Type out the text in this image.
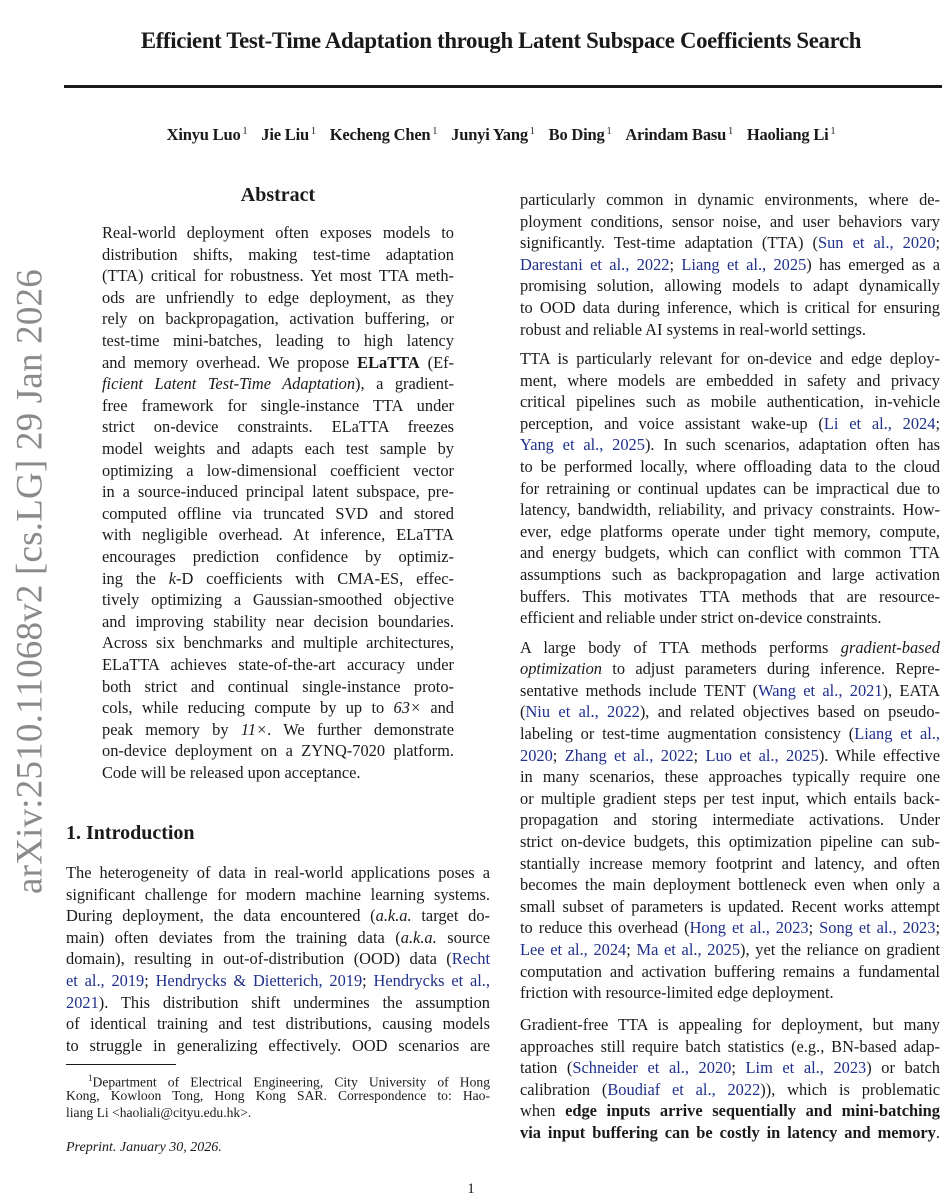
Efficient Test-Time Adaptation through Latent Subspace Coefficients Search
Xinyu Luo $^1$ Jie Liu $^1$ Kecheng Chen $^1$ Junyi Yang $^1$ Bo Ding $^1$ Arindam Basu $^1$ Haoliang Li $^1$
arXiv:2510.11068v2 [cs.LG] 29 Jan 2026
Abstract
Real-world deployment often exposes models to
distribution shifts, making test-time adaptation
(TTA) critical for robustness. Yet most TTA meth-
ods are unfriendly to edge deployment, as they
rely on backpropagation, activation buffering, or
test-time mini-batches, leading to high latency
and memory overhead. We propose ELaTTA (Ef-
ficient Latent Test-Time Adaptation), a gradient-
free framework for single-instance TTA under
strict on-device constraints. ELaTTA freezes
model weights and adapts each test sample by
optimizing a low-dimensional coefficient vector
in a source-induced principal latent subspace, pre-
computed offline via truncated SVD and stored
with negligible overhead. At inference, ELaTTA
encourages prediction confidence by optimiz-
ing the k-D coefficients with CMA-ES, effec-
tively optimizing a Gaussian-smoothed objective
and improving stability near decision boundaries.
Across six benchmarks and multiple architectures,
ELaTTA achieves state-of-the-art accuracy under
both strict and continual single-instance proto-
cols, while reducing compute by up to 63× and
peak memory by 11×. We further demonstrate
on-device deployment on a ZYNQ-7020 platform.
Code will be released upon acceptance.
1. Introduction
The heterogeneity of data in real-world applications poses a
significant challenge for modern machine learning systems.
During deployment, the data encountered (a.k.a. target do-
main) often deviates from the training data (a.k.a. source
domain), resulting in out-of-distribution (OOD) data (Recht
et al., 2019; Hendrycks & Dietterich, 2019; Hendrycks et al.,
2021). This distribution shift undermines the assumption
of identical training and test distributions, causing models
to struggle in generalizing effectively. OOD scenarios are
$^1$Department of Electrical Engineering, City University of Hong
Kong, Kowloon Tong, Hong Kong SAR. Correspondence to: Hao-
liang Li <haoliali@cityu.edu.hk>.
Preprint. January 30, 2026.
particularly common in dynamic environments, where de-
ployment conditions, sensor noise, and user behaviors vary
significantly. Test-time adaptation (TTA) (Sun et al., 2020;
Darestani et al., 2022; Liang et al., 2025) has emerged as a
promising solution, allowing models to adapt dynamically
to OOD data during inference, which is critical for ensuring
robust and reliable AI systems in real-world settings.
TTA is particularly relevant for on-device and edge deploy-
ment, where models are embedded in safety and privacy
critical pipelines such as mobile authentication, in-vehicle
perception, and voice assistant wake-up (Li et al., 2024;
Yang et al., 2025). In such scenarios, adaptation often has
to be performed locally, where offloading data to the cloud
for retraining or continual updates can be impractical due to
latency, bandwidth, reliability, and privacy constraints. How-
ever, edge platforms operate under tight memory, compute,
and energy budgets, which can conflict with common TTA
assumptions such as backpropagation and large activation
buffers. This motivates TTA methods that are resource-
efficient and reliable under strict on-device constraints.
A large body of TTA methods performs gradient-based
optimization to adjust parameters during inference. Repre-
sentative methods include TENT (Wang et al., 2021), EATA
(Niu et al., 2022), and related objectives based on pseudo-
labeling or test-time augmentation consistency (Liang et al.,
2020; Zhang et al., 2022; Luo et al., 2025). While effective
in many scenarios, these approaches typically require one
or multiple gradient steps per test input, which entails back-
propagation and storing intermediate activations. Under
strict on-device budgets, this optimization pipeline can sub-
stantially increase memory footprint and latency, and often
becomes the main deployment bottleneck even when only a
small subset of parameters is updated. Recent works attempt
to reduce this overhead (Hong et al., 2023; Song et al., 2023;
Lee et al., 2024; Ma et al., 2025), yet the reliance on gradient
computation and activation buffering remains a fundamental
friction with resource-limited edge deployment.
Gradient-free TTA is appealing for deployment, but many
approaches still require batch statistics (e.g., BN-based adap-
tation (Schneider et al., 2020; Lim et al., 2023) or batch
calibration (Boudiaf et al., 2022)), which is problematic
when edge inputs arrive sequentially and mini-batching
via input buffering can be costly in latency and memory.
1
